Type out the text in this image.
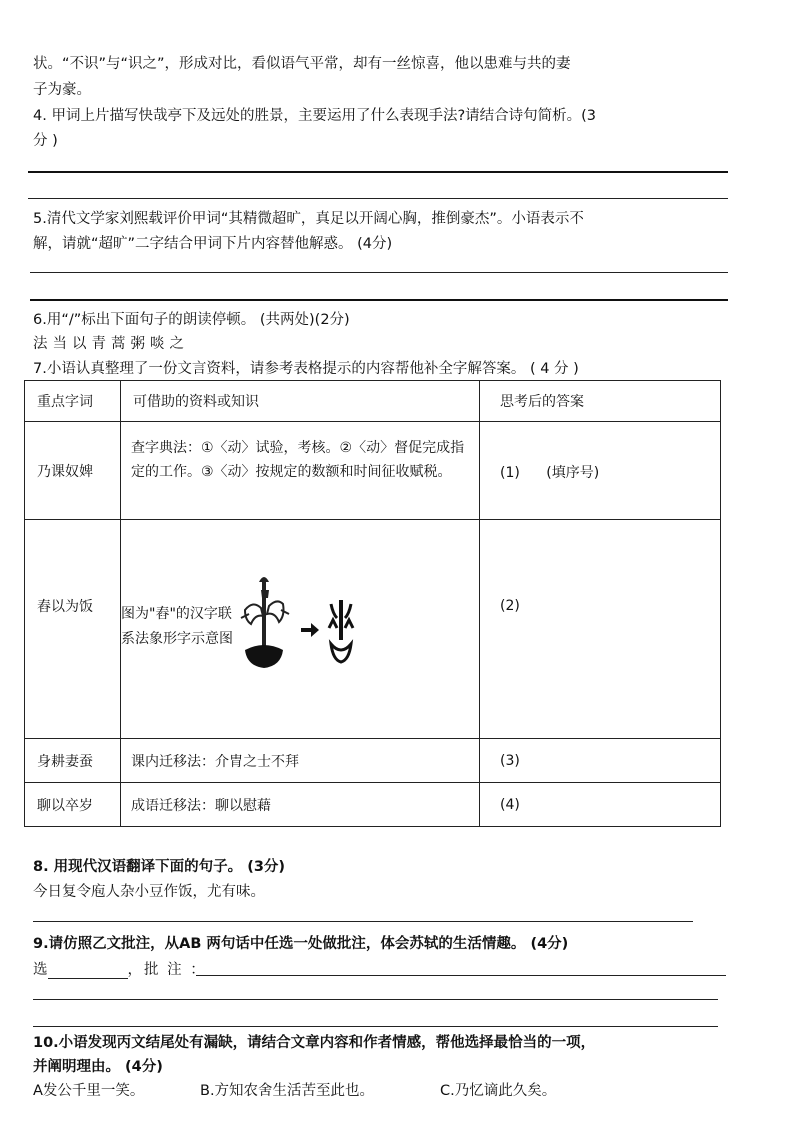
状。“不识”与“识之”，形成对比，看似语气平常，却有一丝惊喜，他以患难与共的妻
子为豪。
4. 甲词上片描写快哉亭下及远处的胜景，主要运用了什么表现手法?请结合诗句简析。(3
分 )
5.清代文学家刘熙载评价甲词“其精微超旷，真足以开阔心胸，推倒豪杰”。小语表示不
解，请就“超旷”二字结合甲词下片内容替他解惑。 (4分)
6.用“/”标出下面句子的朗读停顿。 (共两处)(2分)
法当以青蒿粥啖之
7.小语认真整理了一份文言资料，请参考表格提示的内容帮他补全字解答案。 ( 4 分 )
重点字词	可借助的资料或知识	思考后的答案
乃课奴婢	查字典法：①〈动〉试验，考核。②〈动〉督促完成指定的工作。③〈动〉按规定的数额和时间征收赋税。	(1) (填序号)
舂以为饭	图为"舂"的汉字联系法象形字示意图	(2)
身耕妻蚕	课内迁移法：介胄之士不拜	(3)
聊以卒岁	成语迁移法：聊以慰藉	(4)
8. 用现代汉语翻译下面的句子。 (3分)
今日复令庖人杂小豆作饭，尤有味。
9.请仿照乙文批注，从AB 两句话中任选一处做批注，体会苏轼的生活情趣。 (4分)
选	，批 注 ：
10.小语发现丙文结尾处有漏缺，请结合文章内容和作者情感，帮他选择最恰当的一项，
并阐明理由。 (4分)
A发公千里一笑。	B.方知农舍生活苦至此也。	C.乃忆谪此久矣。
